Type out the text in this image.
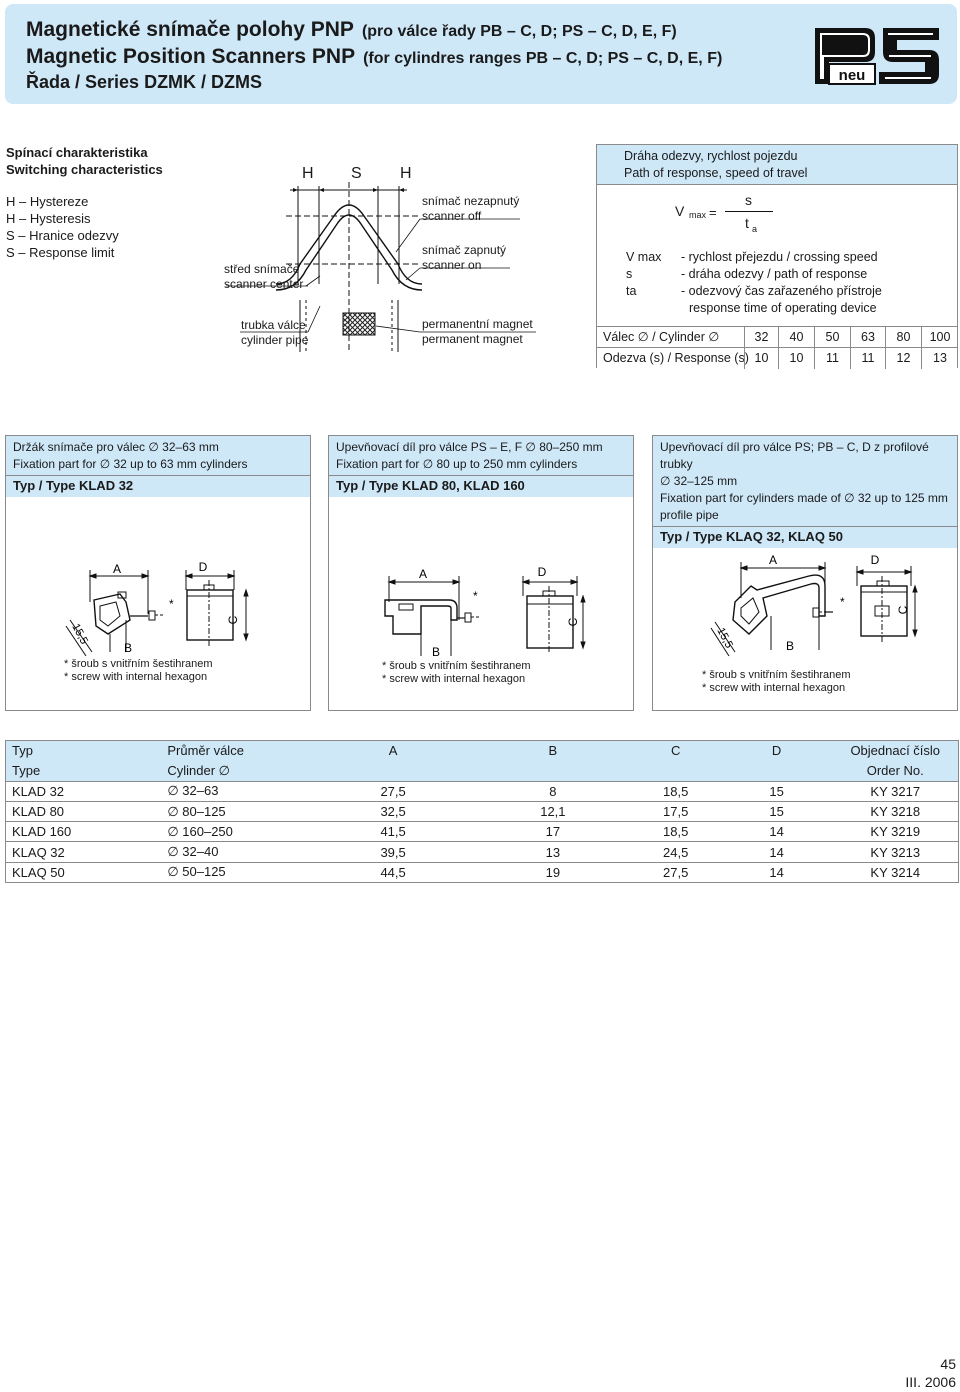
Magnetické snímače polohy PNP (pro válce řady PB – C, D; PS – C, D, E, F)
Magnetic Position Scanners PNP (for cylindres ranges PB – C, D; PS – C, D, E, F)
Řada / Series DZMK / DZMS	neu
Spínací charakteristika
Switching characteristics
H – Hystereze
H – Hysteresis
S – Hranice odezvy
S – Response limit
H S H
střed snímače
scanner center
trubka válce
cylinder pipe
snímač nezapnutý
scanner off
snímač zapnutý
scanner on
permanentní magnet
permanent magnet
Dráha odezvy, rychlost pojezdu
Path of response, speed of travel
V max =
s
t a
V max - rychlost přejezdu / crossing speed
s	- dráha odezvy / path of response
ta	- odezvový čas zařazeného přístroje
response time of operating device
Válec ∅ / Cylinder ∅	32	40	50	63	80	100
Odezva (s) / Response (s) 10	10	11	11	12	13
Držák snímače pro válec ∅ 32–63 mm
Fixation part for ∅ 32 up to 63 mm cylinders
Typ / Type KLAD 32
A	D
B
*
C
15,5
* šroub s vnitřním šestihranem
* screw with internal hexagon
Upevňovací díl pro válce PS – E, F ∅ 80–250 mm
Fixation part for ∅ 80 up to 250 mm cylinders
Typ / Type KLAD 80, KLAD 160
A	D
B
*
C
* šroub s vnitřním šestihranem
* screw with internal hexagon
Upevňovací díl pro válce PS; PB – C, D z profilové trubky
∅ 32–125 mm
Fixation part for cylinders made of ∅ 32 up to 125 mm
profile pipe
Typ / Type KLAQ 32, KLAQ 50
A	D
B
*
C
15,5
* šroub s vnitřním šestihranem
* screw with internal hexagon
Typ	Průměr válce	A	B	C	D	Objednací číslo
Type	Cylinder ∅					Order No.
KLAD 32	∅ 32–63	27,5	8	18,5	15	KY 3217
KLAD 80	∅ 80–125	32,5	12,1	17,5	15	KY 3218
KLAD 160	∅ 160–250	41,5	17	18,5	14	KY 3219
KLAQ 32	∅ 32–40	39,5	13	24,5	14	KY 3213
KLAQ 50	∅ 50–125	44,5	19	27,5	14	KY 3214
45
III. 2006
